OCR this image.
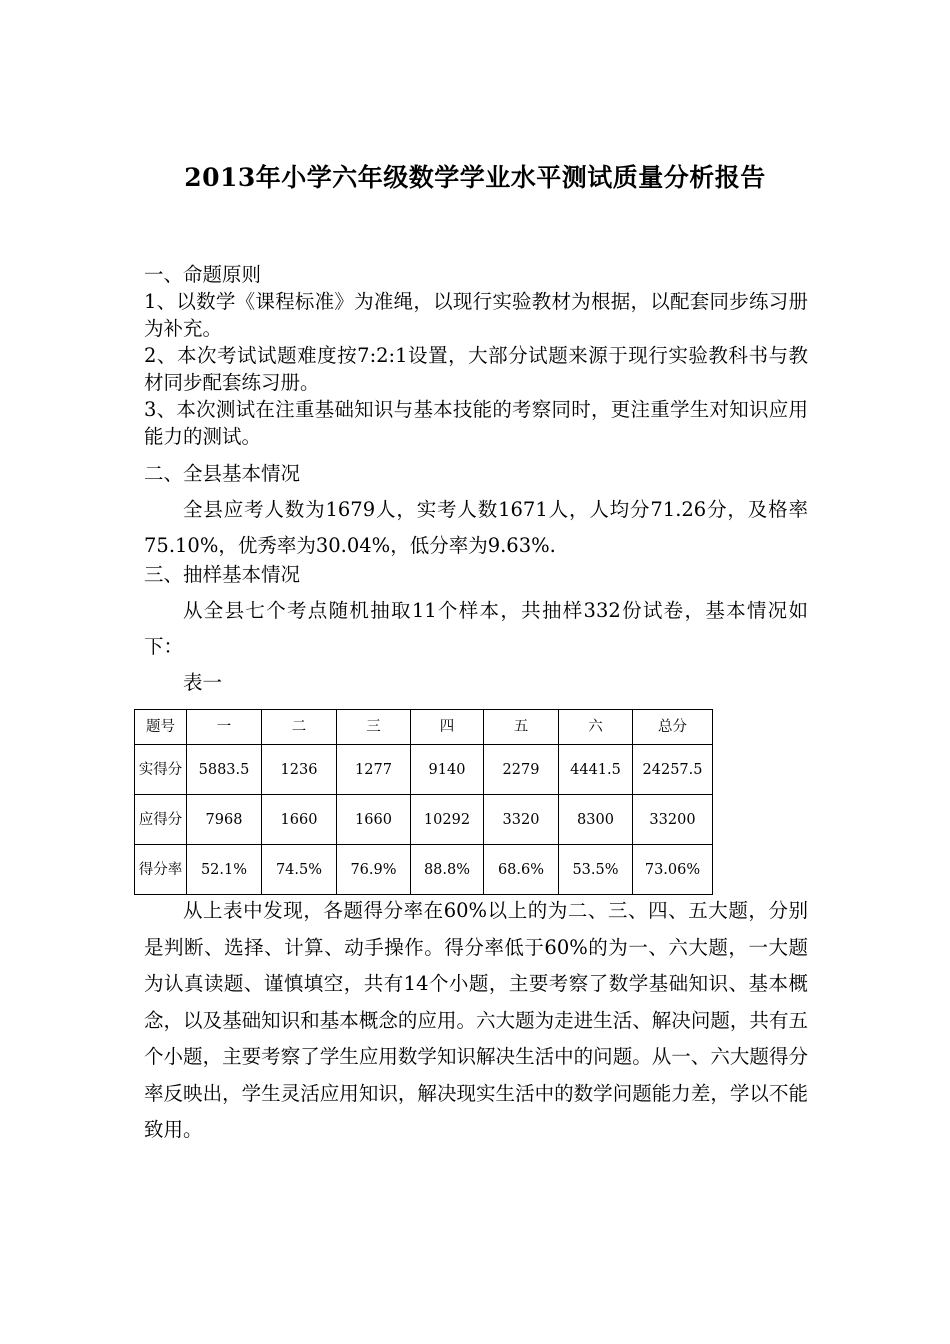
2013年小学六年级数学学业水平测试质量分析报告

一、命题原则

1、以数学《课程标准》为准绳，以现行实验教材为根据，以配套同步练习册为补充。

2、本次考试试题难度按7:2:1设置，大部分试题来源于现行实验教科书与教材同步配套练习册。

3、本次测试在注重基础知识与基本技能的考察同时，更注重学生对知识应用能力的测试。

二、全县基本情况

全县应考人数为1679人，实考人数1671人，人均分71.26分，及格率75.10%，优秀率为30.04%，低分率为9.63%.

三、抽样基本情况

从全县七个考点随机抽取11个样本，共抽样332份试卷，基本情况如下：

表一

题号	一	二	三	四	五	六	总分
实得分	5883.5	1236	1277	9140	2279	4441.5	24257.5
应得分	7968	1660	1660	10292	3320	8300	33200
得分率	52.1%	74.5%	76.9%	88.8%	68.6%	53.5%	73.06%

从上表中发现，各题得分率在60%以上的为二、三、四、五大题，分别是判断、选择、计算、动手操作。得分率低于60%的为一、六大题，一大题为认真读题、谨慎填空，共有14个小题，主要考察了数学基础知识、基本概念，以及基础知识和基本概念的应用。六大题为走进生活、解决问题，共有五个小题，主要考察了学生应用数学知识解决生活中的问题。从一、六大题得分率反映出，学生灵活应用知识，解决现实生活中的数学问题能力差，学以不能致用。
